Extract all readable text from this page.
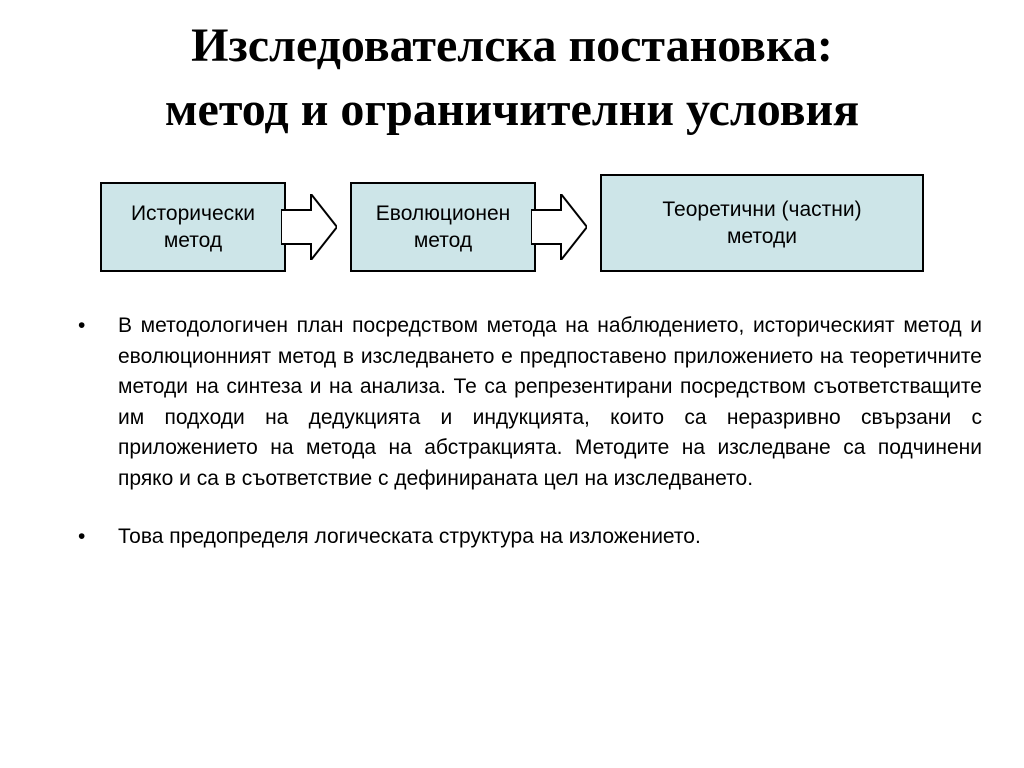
Изследователска постановка:
метод и ограничителни условия
Исторически
метод
Еволюционен
метод
Теоретични (частни)
методи
•	В методологичен план посредством метода на наблюдението, историческият метод и еволюционният метод в изследването е предпоставено приложението на теоретичните методи на синтеза и на анализа. Те са репрезентирани посредством съответстващите им подходи на дедукцията и индукцията, които са неразривно свързани с приложението на метода на абстракцията. Методите на изследване са подчинени пряко и са в съответствие с дефинираната цел на изследването.
•	Това предопределя логическата структура на изложението.
